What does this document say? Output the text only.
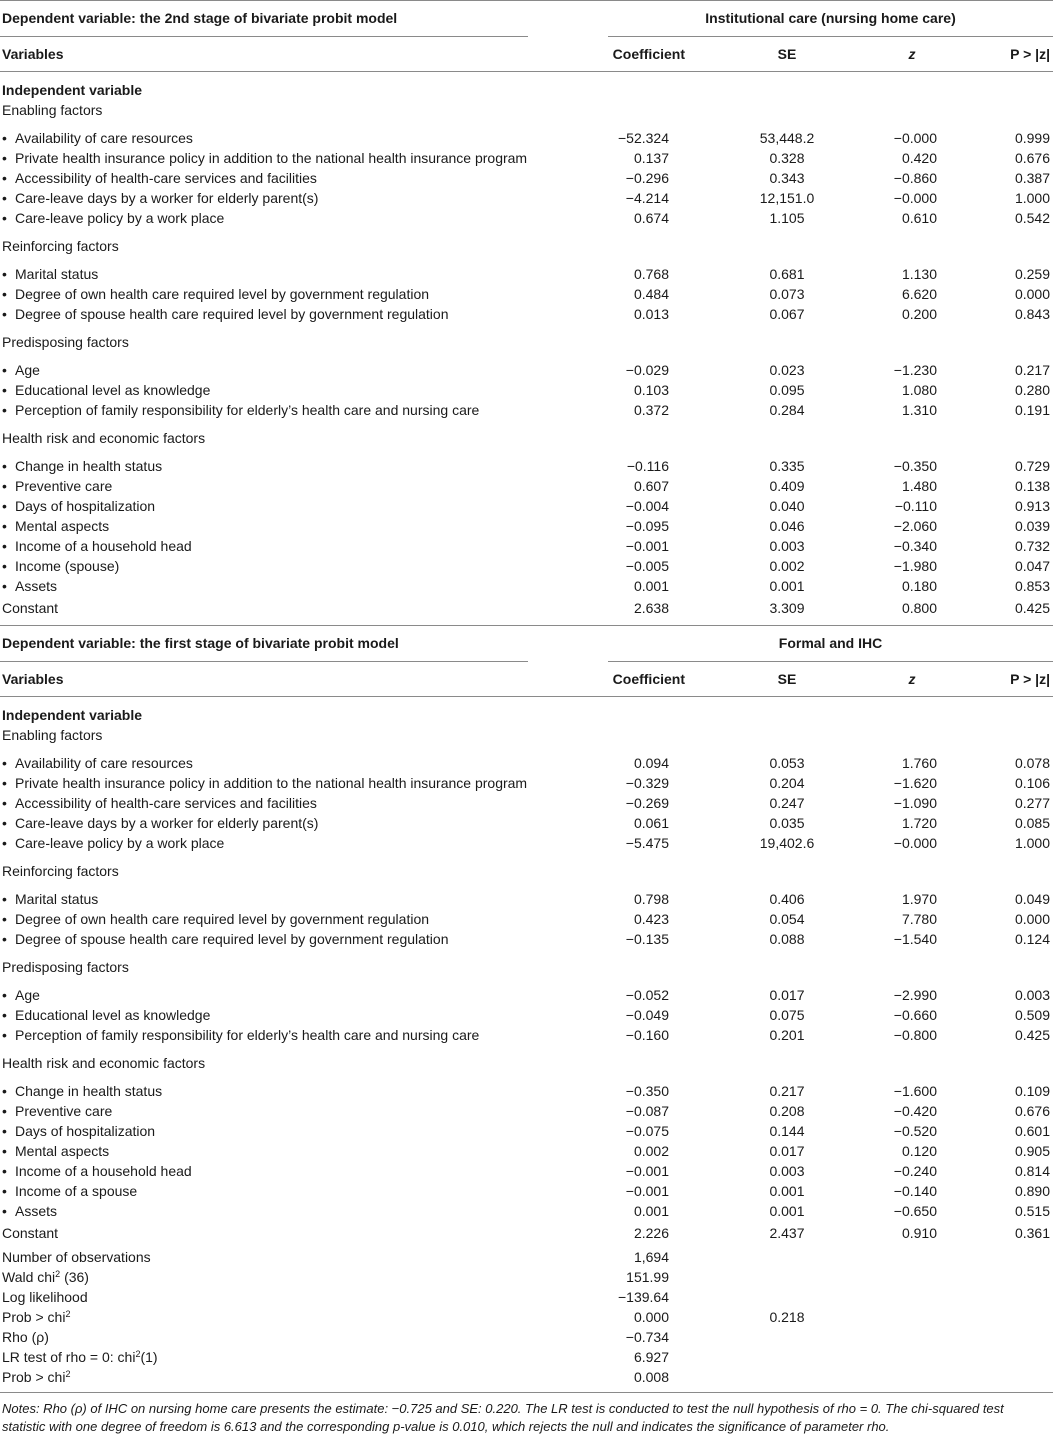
Dependent variable: the 2nd stage of bivariate probit model	Institutional care (nursing home care)
Variables	Coefficient	SE	z	P > |z|
Independent variable
Enabling factors
• Availability of care resources	−52.324	53,448.2	−0.000	0.999
• Private health insurance policy in addition to the national health insurance program	0.137	0.328	0.420	0.676
• Accessibility of health-care services and facilities	−0.296	0.343	−0.860	0.387
• Care-leave days by a worker for elderly parent(s)	−4.214	12,151.0	−0.000	1.000
• Care-leave policy by a work place	0.674	1.105	0.610	0.542
Reinforcing factors
• Marital status	0.768	0.681	1.130	0.259
• Degree of own health care required level by government regulation	0.484	0.073	6.620	0.000
• Degree of spouse health care required level by government regulation	0.013	0.067	0.200	0.843
Predisposing factors
• Age	−0.029	0.023	−1.230	0.217
• Educational level as knowledge	0.103	0.095	1.080	0.280
• Perception of family responsibility for elderly’s health care and nursing care	0.372	0.284	1.310	0.191
Health risk and economic factors
• Change in health status	−0.116	0.335	−0.350	0.729
• Preventive care	0.607	0.409	1.480	0.138
• Days of hospitalization	−0.004	0.040	−0.110	0.913
• Mental aspects	−0.095	0.046	−2.060	0.039
• Income of a household head	−0.001	0.003	−0.340	0.732
• Income (spouse)	−0.005	0.002	−1.980	0.047
• Assets	0.001	0.001	0.180	0.853
Constant	2.638	3.309	0.800	0.425
Dependent variable: the first stage of bivariate probit model	Formal and IHC
Variables	Coefficient	SE	z	P > |z|
Independent variable
Enabling factors
• Availability of care resources	0.094	0.053	1.760	0.078
• Private health insurance policy in addition to the national health insurance program	−0.329	0.204	−1.620	0.106
• Accessibility of health-care services and facilities	−0.269	0.247	−1.090	0.277
• Care-leave days by a worker for elderly parent(s)	0.061	0.035	1.720	0.085
• Care-leave policy by a work place	−5.475	19,402.6	−0.000	1.000
Reinforcing factors
• Marital status	0.798	0.406	1.970	0.049
• Degree of own health care required level by government regulation	0.423	0.054	7.780	0.000
• Degree of spouse health care required level by government regulation	−0.135	0.088	−1.540	0.124
Predisposing factors
• Age	−0.052	0.017	−2.990	0.003
• Educational level as knowledge	−0.049	0.075	−0.660	0.509
• Perception of family responsibility for elderly’s health care and nursing care	−0.160	0.201	−0.800	0.425
Health risk and economic factors
• Change in health status	−0.350	0.217	−1.600	0.109
• Preventive care	−0.087	0.208	−0.420	0.676
• Days of hospitalization	−0.075	0.144	−0.520	0.601
• Mental aspects	0.002	0.017	0.120	0.905
• Income of a household head	−0.001	0.003	−0.240	0.814
• Income of a spouse	−0.001	0.001	−0.140	0.890
• Assets	0.001	0.001	−0.650	0.515
Constant	2.226	2.437	0.910	0.361
Number of observations	1,694
Wald chi$^2$ (36)	151.99
Log likelihood	−139.64
Prob > chi$^2$	0.000	0.218
Rho (ρ)	−0.734
LR test of rho = 0: chi$^2$(1)	6.927
Prob > chi$^2$	0.008
Notes: Rho (ρ) of IHC on nursing home care presents the estimate: −0.725 and SE: 0.220. The LR test is conducted to test the null hypothesis of rho = 0. The chi-squared test statistic with one degree of freedom is 6.613 and the corresponding p-value is 0.010, which rejects the null and indicates the significance of parameter rho.
